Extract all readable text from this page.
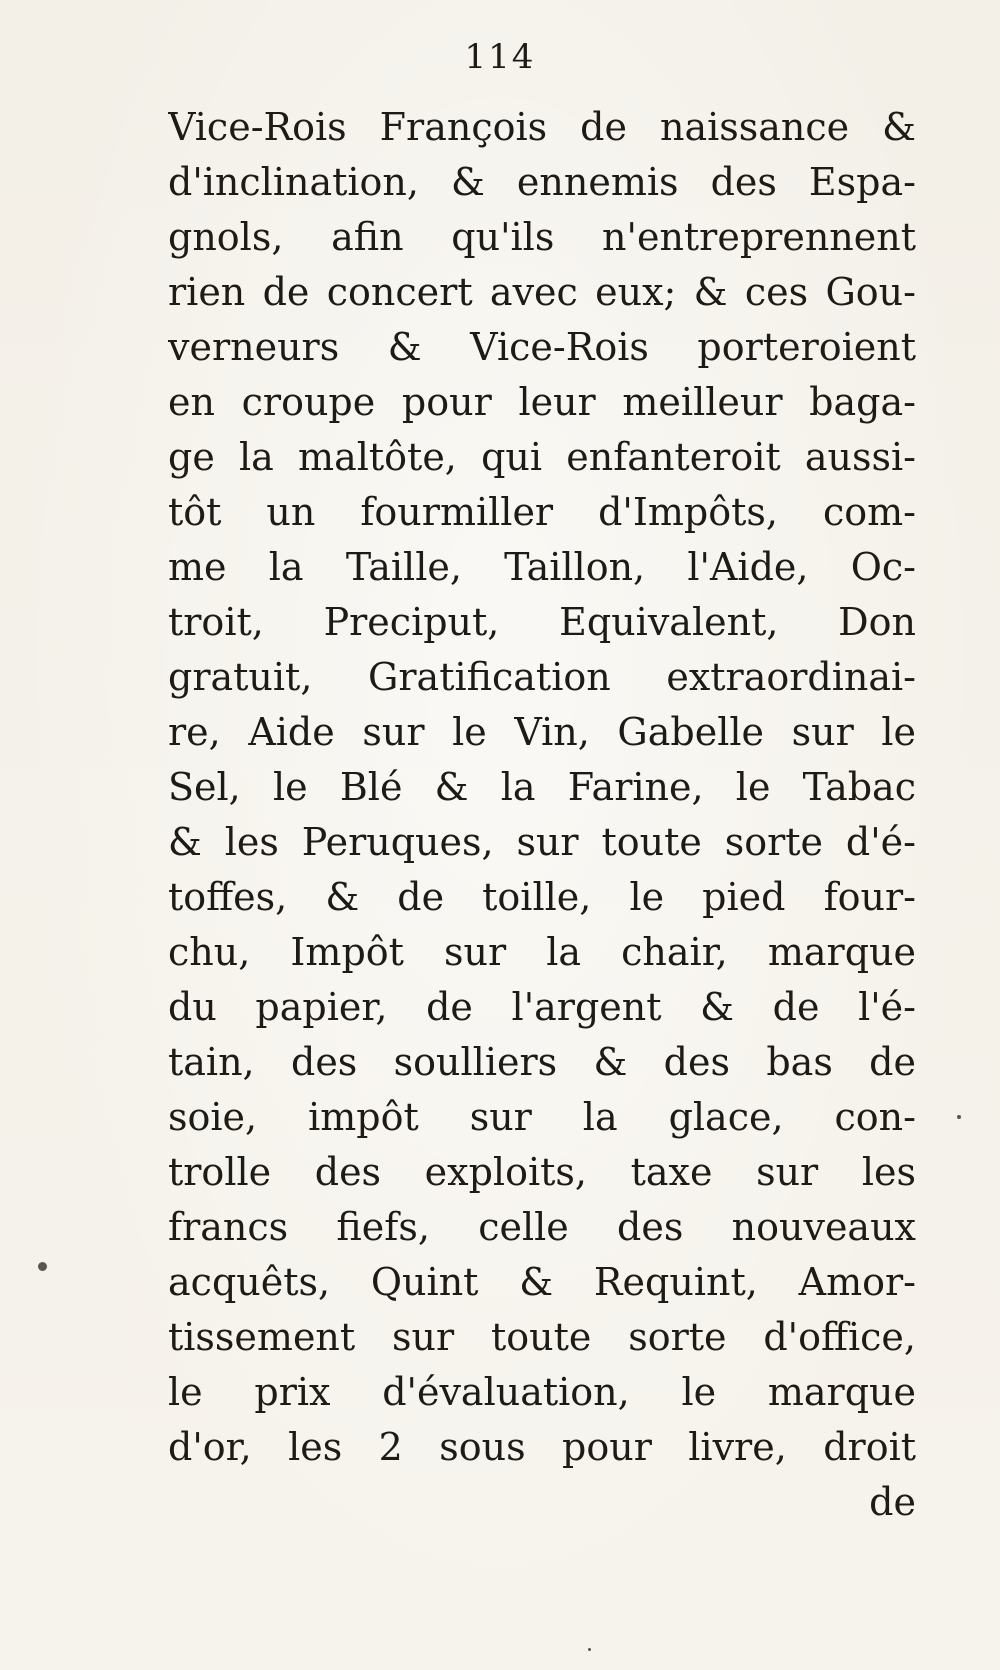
114
Vice-Rois François de naissance &
d'inclination, & ennemis des Espa-
gnols, afin qu'ils n'entreprennent
rien de concert avec eux; & ces Gou-
verneurs & Vice-Rois porteroient
en croupe pour leur meilleur baga-
ge la maltôte, qui enfanteroit aussi-
tôt un fourmiller d'Impôts, com-
me la Taille, Taillon, l'Aide, Oc-
troit, Preciput, Equivalent, Don
gratuit, Gratification extraordinai-
re, Aide sur le Vin, Gabelle sur le
Sel, le Blé & la Farine, le Tabac
& les Peruques, sur toute sorte d'é-
toffes, & de toille, le pied four-
chu, Impôt sur la chair, marque
du papier, de l'argent & de l'é-
tain, des soulliers & des bas de
soie, impôt sur la glace, con-
trolle des exploits, taxe sur les
francs fiefs, celle des nouveaux
acquêts, Quint & Requint, Amor-
tissement sur toute sorte d'office,
le prix d'évaluation, le marque
d'or, les 2 sous pour livre, droit
de
